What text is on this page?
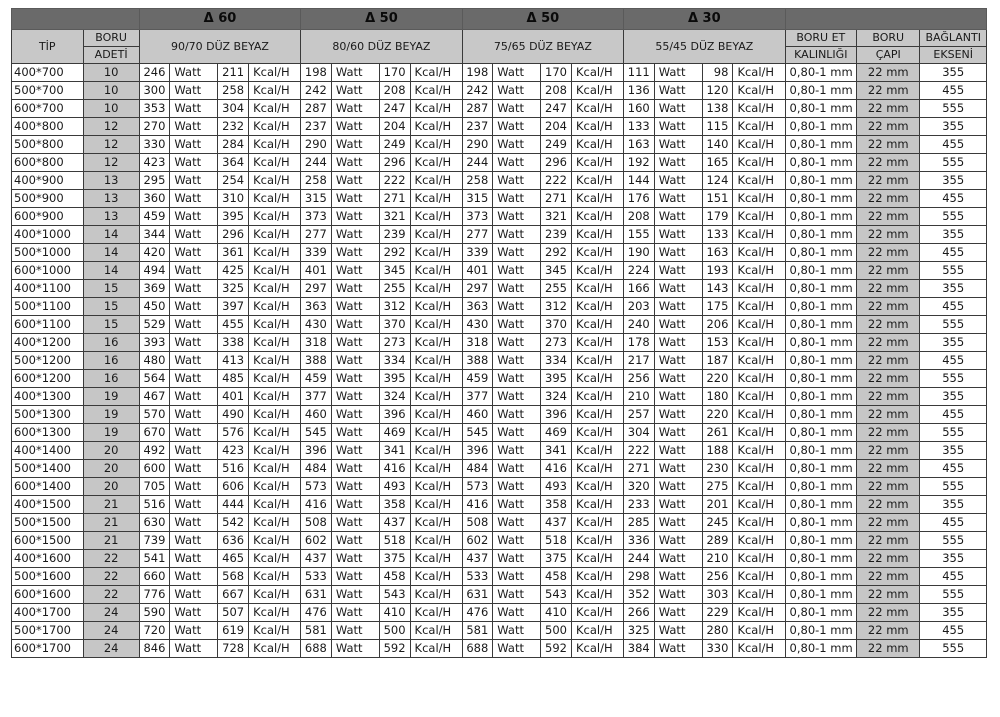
		Δ 60				Δ 50				Δ 50				Δ 30						
TİP	BORU	90/70 DÜZ BEYAZ				80/60 DÜZ BEYAZ				75/65 DÜZ BEYAZ				55/45 DÜZ BEYAZ				BORU ET	BORU	BAĞLANTI
	ADETİ																	KALINLIĞI	ÇAPI	EKSENİ
400*700	10	246	Watt	211	Kcal/H	198	Watt	170	Kcal/H	198	Watt	170	Kcal/H	111	Watt	98	Kcal/H	0,80-1 mm	22 mm	355
500*700	10	300	Watt	258	Kcal/H	242	Watt	208	Kcal/H	242	Watt	208	Kcal/H	136	Watt	120	Kcal/H	0,80-1 mm	22 mm	455
600*700	10	353	Watt	304	Kcal/H	287	Watt	247	Kcal/H	287	Watt	247	Kcal/H	160	Watt	138	Kcal/H	0,80-1 mm	22 mm	555
400*800	12	270	Watt	232	Kcal/H	237	Watt	204	Kcal/H	237	Watt	204	Kcal/H	133	Watt	115	Kcal/H	0,80-1 mm	22 mm	355
500*800	12	330	Watt	284	Kcal/H	290	Watt	249	Kcal/H	290	Watt	249	Kcal/H	163	Watt	140	Kcal/H	0,80-1 mm	22 mm	455
600*800	12	423	Watt	364	Kcal/H	244	Watt	296	Kcal/H	244	Watt	296	Kcal/H	192	Watt	165	Kcal/H	0,80-1 mm	22 mm	555
400*900	13	295	Watt	254	Kcal/H	258	Watt	222	Kcal/H	258	Watt	222	Kcal/H	144	Watt	124	Kcal/H	0,80-1 mm	22 mm	355
500*900	13	360	Watt	310	Kcal/H	315	Watt	271	Kcal/H	315	Watt	271	Kcal/H	176	Watt	151	Kcal/H	0,80-1 mm	22 mm	455
600*900	13	459	Watt	395	Kcal/H	373	Watt	321	Kcal/H	373	Watt	321	Kcal/H	208	Watt	179	Kcal/H	0,80-1 mm	22 mm	555
400*1000	14	344	Watt	296	Kcal/H	277	Watt	239	Kcal/H	277	Watt	239	Kcal/H	155	Watt	133	Kcal/H	0,80-1 mm	22 mm	355
500*1000	14	420	Watt	361	Kcal/H	339	Watt	292	Kcal/H	339	Watt	292	Kcal/H	190	Watt	163	Kcal/H	0,80-1 mm	22 mm	455
600*1000	14	494	Watt	425	Kcal/H	401	Watt	345	Kcal/H	401	Watt	345	Kcal/H	224	Watt	193	Kcal/H	0,80-1 mm	22 mm	555
400*1100	15	369	Watt	325	Kcal/H	297	Watt	255	Kcal/H	297	Watt	255	Kcal/H	166	Watt	143	Kcal/H	0,80-1 mm	22 mm	355
500*1100	15	450	Watt	397	Kcal/H	363	Watt	312	Kcal/H	363	Watt	312	Kcal/H	203	Watt	175	Kcal/H	0,80-1 mm	22 mm	455
600*1100	15	529	Watt	455	Kcal/H	430	Watt	370	Kcal/H	430	Watt	370	Kcal/H	240	Watt	206	Kcal/H	0,80-1 mm	22 mm	555
400*1200	16	393	Watt	338	Kcal/H	318	Watt	273	Kcal/H	318	Watt	273	Kcal/H	178	Watt	153	Kcal/H	0,80-1 mm	22 mm	355
500*1200	16	480	Watt	413	Kcal/H	388	Watt	334	Kcal/H	388	Watt	334	Kcal/H	217	Watt	187	Kcal/H	0,80-1 mm	22 mm	455
600*1200	16	564	Watt	485	Kcal/H	459	Watt	395	Kcal/H	459	Watt	395	Kcal/H	256	Watt	220	Kcal/H	0,80-1 mm	22 mm	555
400*1300	19	467	Watt	401	Kcal/H	377	Watt	324	Kcal/H	377	Watt	324	Kcal/H	210	Watt	180	Kcal/H	0,80-1 mm	22 mm	355
500*1300	19	570	Watt	490	Kcal/H	460	Watt	396	Kcal/H	460	Watt	396	Kcal/H	257	Watt	220	Kcal/H	0,80-1 mm	22 mm	455
600*1300	19	670	Watt	576	Kcal/H	545	Watt	469	Kcal/H	545	Watt	469	Kcal/H	304	Watt	261	Kcal/H	0,80-1 mm	22 mm	555
400*1400	20	492	Watt	423	Kcal/H	396	Watt	341	Kcal/H	396	Watt	341	Kcal/H	222	Watt	188	Kcal/H	0,80-1 mm	22 mm	355
500*1400	20	600	Watt	516	Kcal/H	484	Watt	416	Kcal/H	484	Watt	416	Kcal/H	271	Watt	230	Kcal/H	0,80-1 mm	22 mm	455
600*1400	20	705	Watt	606	Kcal/H	573	Watt	493	Kcal/H	573	Watt	493	Kcal/H	320	Watt	275	Kcal/H	0,80-1 mm	22 mm	555
400*1500	21	516	Watt	444	Kcal/H	416	Watt	358	Kcal/H	416	Watt	358	Kcal/H	233	Watt	201	Kcal/H	0,80-1 mm	22 mm	355
500*1500	21	630	Watt	542	Kcal/H	508	Watt	437	Kcal/H	508	Watt	437	Kcal/H	285	Watt	245	Kcal/H	0,80-1 mm	22 mm	455
600*1500	21	739	Watt	636	Kcal/H	602	Watt	518	Kcal/H	602	Watt	518	Kcal/H	336	Watt	289	Kcal/H	0,80-1 mm	22 mm	555
400*1600	22	541	Watt	465	Kcal/H	437	Watt	375	Kcal/H	437	Watt	375	Kcal/H	244	Watt	210	Kcal/H	0,80-1 mm	22 mm	355
500*1600	22	660	Watt	568	Kcal/H	533	Watt	458	Kcal/H	533	Watt	458	Kcal/H	298	Watt	256	Kcal/H	0,80-1 mm	22 mm	455
600*1600	22	776	Watt	667	Kcal/H	631	Watt	543	Kcal/H	631	Watt	543	Kcal/H	352	Watt	303	Kcal/H	0,80-1 mm	22 mm	555
400*1700	24	590	Watt	507	Kcal/H	476	Watt	410	Kcal/H	476	Watt	410	Kcal/H	266	Watt	229	Kcal/H	0,80-1 mm	22 mm	355
500*1700	24	720	Watt	619	Kcal/H	581	Watt	500	Kcal/H	581	Watt	500	Kcal/H	325	Watt	280	Kcal/H	0,80-1 mm	22 mm	455
600*1700	24	846	Watt	728	Kcal/H	688	Watt	592	Kcal/H	688	Watt	592	Kcal/H	384	Watt	330	Kcal/H	0,80-1 mm	22 mm	555
